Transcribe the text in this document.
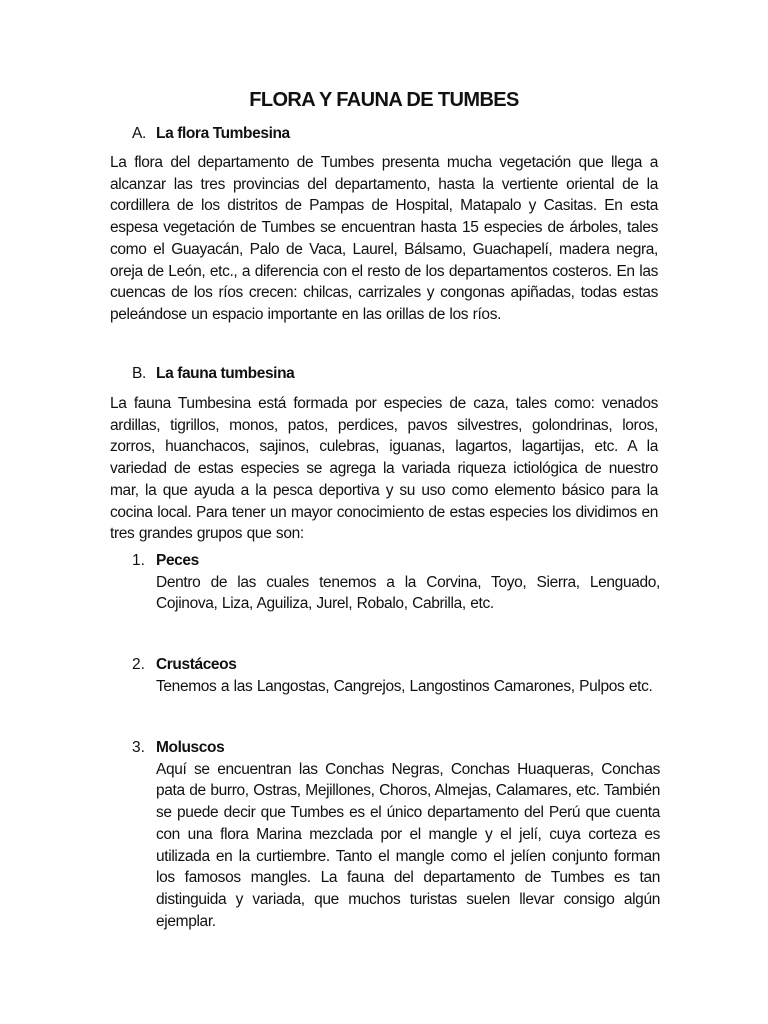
FLORA Y FAUNA DE TUMBES
A. La flora Tumbesina
La flora del departamento de Tumbes presenta mucha vegetación que llega a alcanzar las tres provincias del departamento, hasta la vertiente oriental de la cordillera de los distritos de Pampas de Hospital, Matapalo y Casitas. En esta espesa vegetación de Tumbes se encuentran hasta 15 especies de árboles, tales como el Guayacán, Palo de Vaca, Laurel, Bálsamo, Guachapelí, madera negra, oreja de León, etc., a diferencia con el resto de los departamentos costeros. En las cuencas de los ríos crecen: chilcas, carrizales y congonas apiñadas, todas estas peleándose un espacio importante en las orillas de los ríos.
B. La fauna tumbesina
La fauna Tumbesina está formada por especies de caza, tales como: venados ardillas, tigrillos, monos, patos, perdices, pavos silvestres, golondrinas, loros, zorros, huanchacos, sajinos, culebras, iguanas, lagartos, lagartijas, etc. A la variedad de estas especies se agrega la variada riqueza ictiológica de nuestro mar, la que ayuda a la pesca deportiva y su uso como elemento básico para la cocina local. Para tener un mayor conocimiento de estas especies los dividimos en tres grandes grupos que son:
1. Peces
Dentro de las cuales tenemos a la Corvina, Toyo, Sierra, Lenguado, Cojinova, Liza, Aguiliza, Jurel, Robalo, Cabrilla, etc.
2. Crustáceos
Tenemos a las Langostas, Cangrejos, Langostinos Camarones, Pulpos etc.
3. Moluscos
Aquí se encuentran las Conchas Negras, Conchas Huaqueras, Conchas pata de burro, Ostras, Mejillones, Choros, Almejas, Calamares, etc. También se puede decir que Tumbes es el único departamento del Perú que cuenta con una flora Marina mezclada por el mangle y el jelí, cuya corteza es utilizada en la curtiembre. Tanto el mangle como el jelíen conjunto forman los famosos mangles. La fauna del departamento de Tumbes es tan distinguida y variada, que muchos turistas suelen llevar consigo algún ejemplar.
